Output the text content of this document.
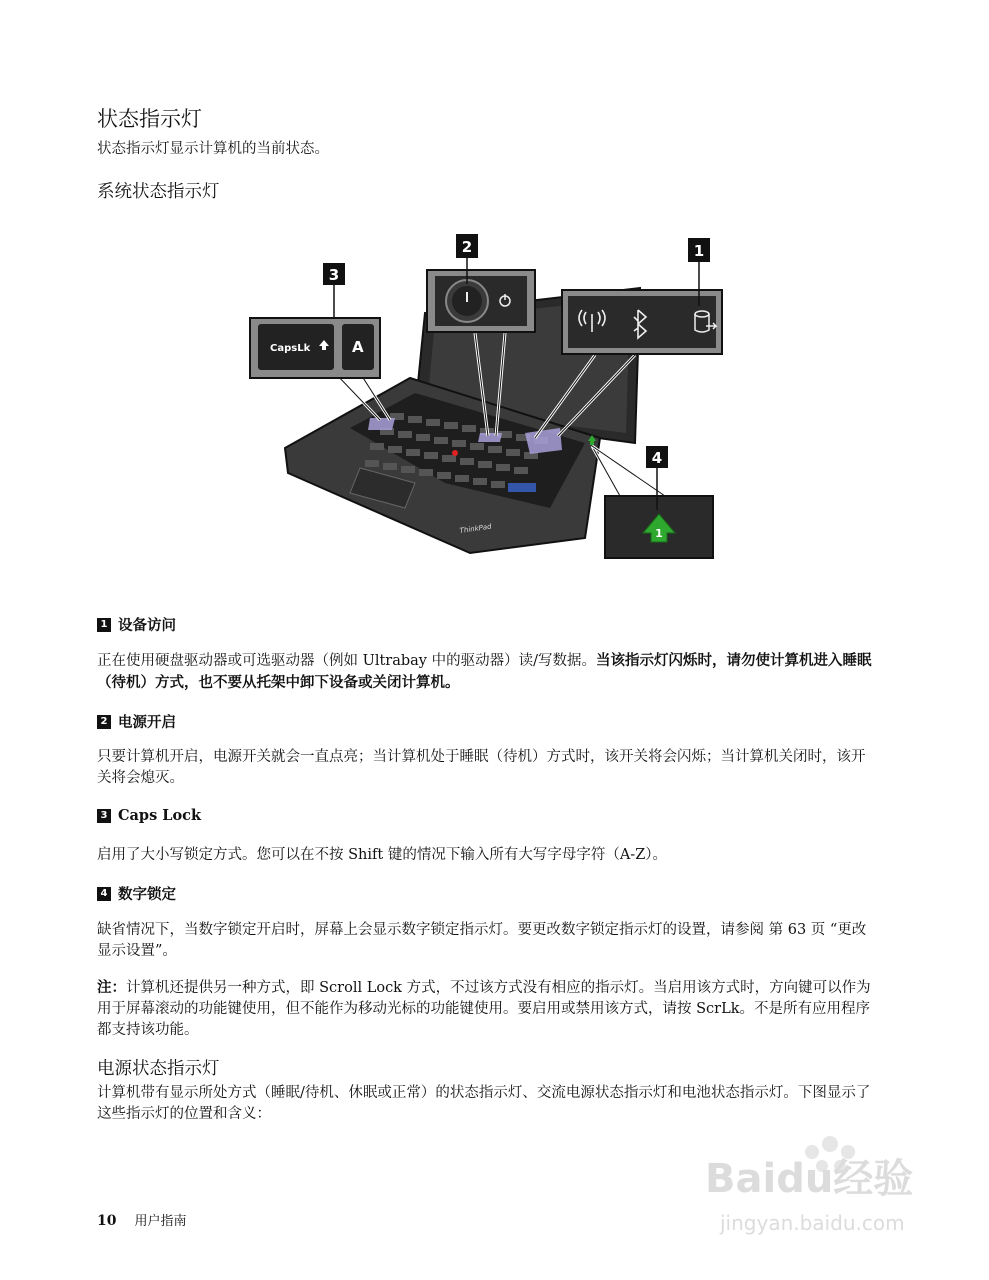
状态指示灯
状态指示灯显示计算机的当前状态。
系统状态指示灯
ThinkPad
CapsLk	A
3
2	1
1
4
1 设备访问
正在使用硬盘驱动器或可选驱动器（例如 Ultrabay 中的驱动器）读/写数据。当该指示灯闪烁时，请勿使计算机进入睡眠（待机）方式，也不要从托架中卸下设备或关闭计算机。
2 电源开启
只要计算机开启，电源开关就会一直点亮；当计算机处于睡眠（待机）方式时，该开关将会闪烁；当计算机关闭时，该开关将会熄灭。
3 Caps Lock
启用了大小写锁定方式。您可以在不按 Shift 键的情况下输入所有大写字母字符（A-Z）。
4 数字锁定
缺省情况下，当数字锁定开启时，屏幕上会显示数字锁定指示灯。要更改数字锁定指示灯的设置，请参阅 第 63 页 “更改显示设置”。
注：计算机还提供另一种方式，即 Scroll Lock 方式，不过该方式没有相应的指示灯。当启用该方式时，方向键可以作为用于屏幕滚动的功能键使用，但不能作为移动光标的功能键使用。要启用或禁用该方式，请按 ScrLk。不是所有应用程序都支持该功能。
电源状态指示灯
计算机带有显示所处方式（睡眠/待机、休眠或正常）的状态指示灯、交流电源状态指示灯和电池状态指示灯。下图显示了这些指示灯的位置和含义：
10 用户指南
Baidu经验
jingyan.baidu.com
